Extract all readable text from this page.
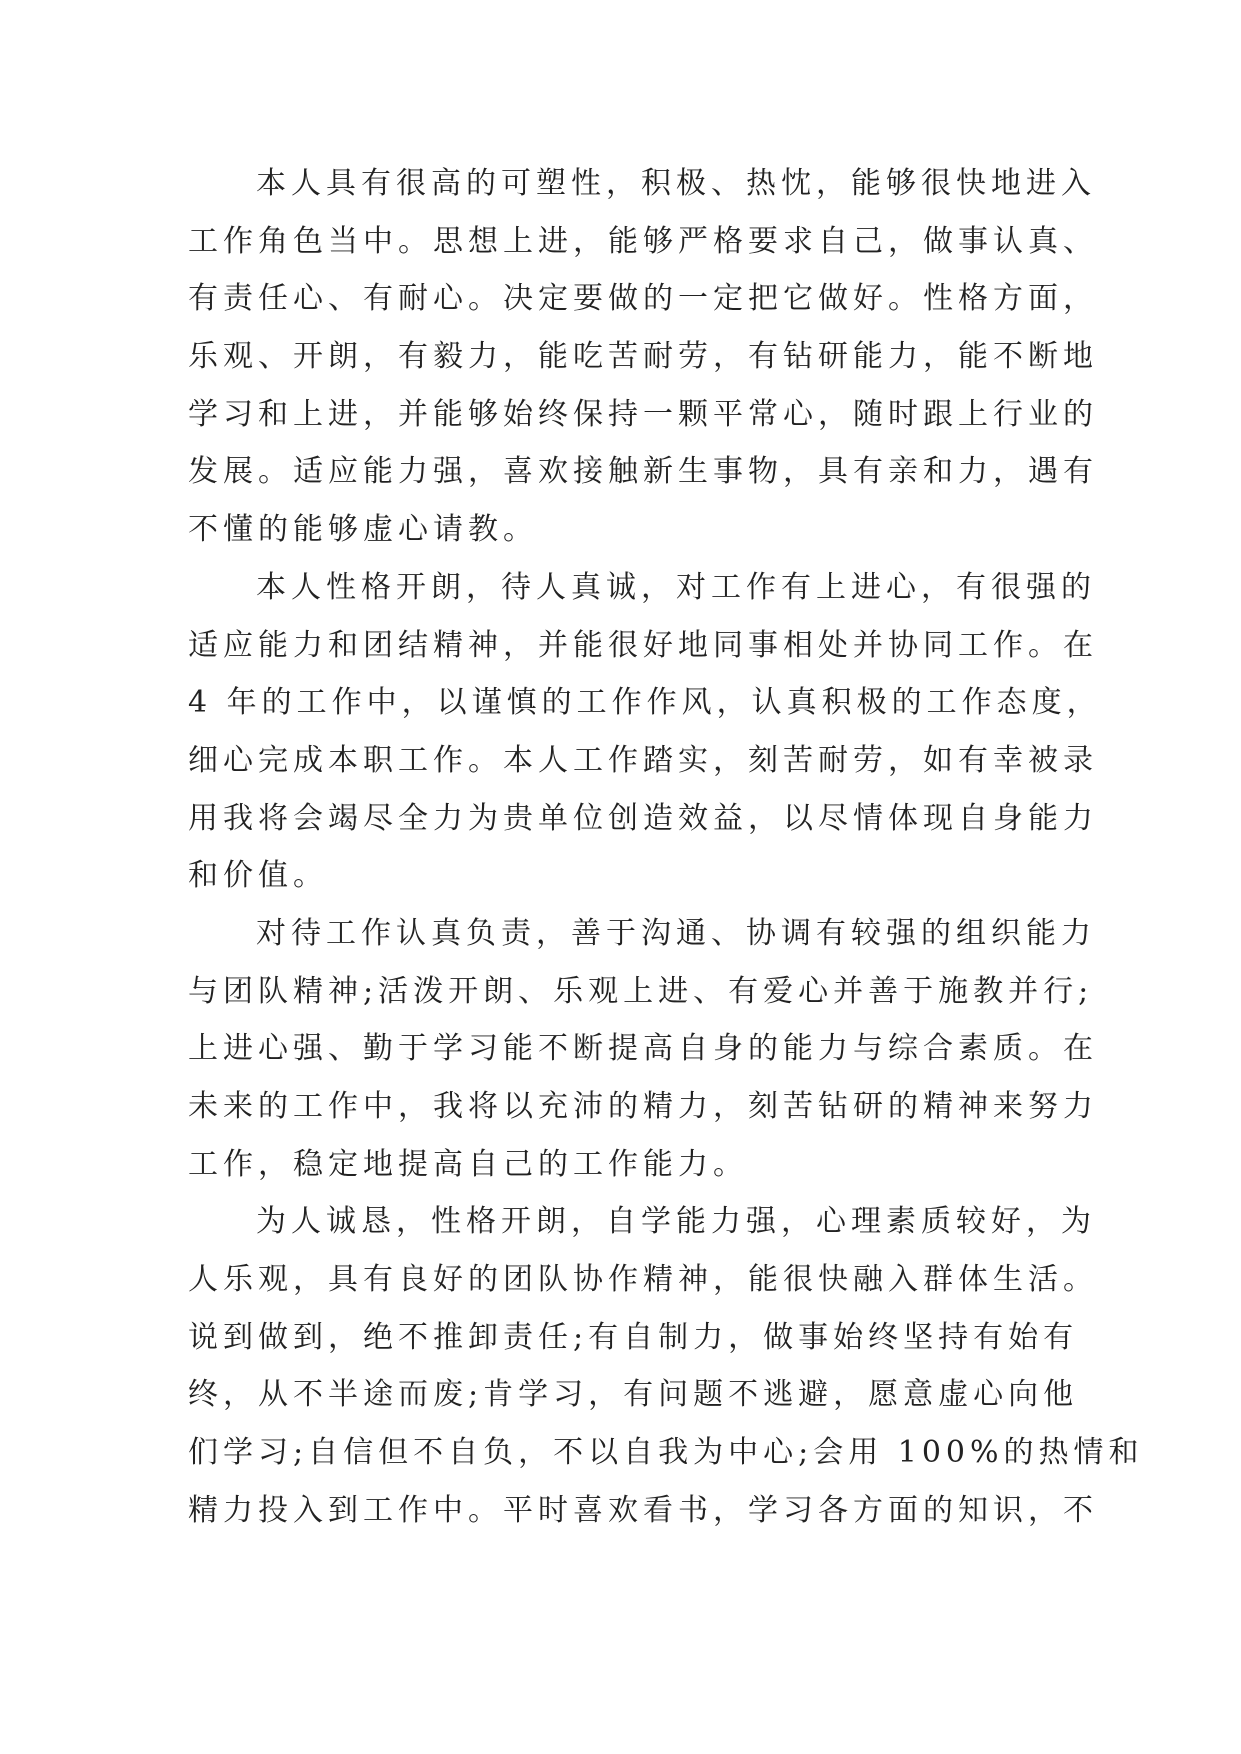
本人具有很高的可塑性，积极、热忱，能够很快地进入
工作角色当中。思想上进，能够严格要求自己，做事认真、
有责任心、有耐心。决定要做的一定把它做好。性格方面，
乐观、开朗，有毅力，能吃苦耐劳，有钻研能力，能不断地
学习和上进，并能够始终保持一颗平常心，随时跟上行业的
发展。适应能力强，喜欢接触新生事物，具有亲和力，遇有
不懂的能够虚心请教。

本人性格开朗，待人真诚，对工作有上进心，有很强的
适应能力和团结精神，并能很好地同事相处并协同工作。在
4 年的工作中，以谨慎的工作作风，认真积极的工作态度，
细心完成本职工作。本人工作踏实，刻苦耐劳，如有幸被录
用我将会竭尽全力为贵单位创造效益，以尽情体现自身能力
和价值。

对待工作认真负责，善于沟通、协调有较强的组织能力
与团队精神;活泼开朗、乐观上进、有爱心并善于施教并行;
上进心强、勤于学习能不断提高自身的能力与综合素质。在
未来的工作中，我将以充沛的精力，刻苦钻研的精神来努力
工作，稳定地提高自己的工作能力。

为人诚恳，性格开朗，自学能力强，心理素质较好，为
人乐观，具有良好的团队协作精神，能很快融入群体生活。
说到做到，绝不推卸责任;有自制力，做事始终坚持有始有
终，从不半途而废;肯学习，有问题不逃避，愿意虚心向他
们学习;自信但不自负，不以自我为中心;会用 100%的热情和
精力投入到工作中。平时喜欢看书，学习各方面的知识，不
